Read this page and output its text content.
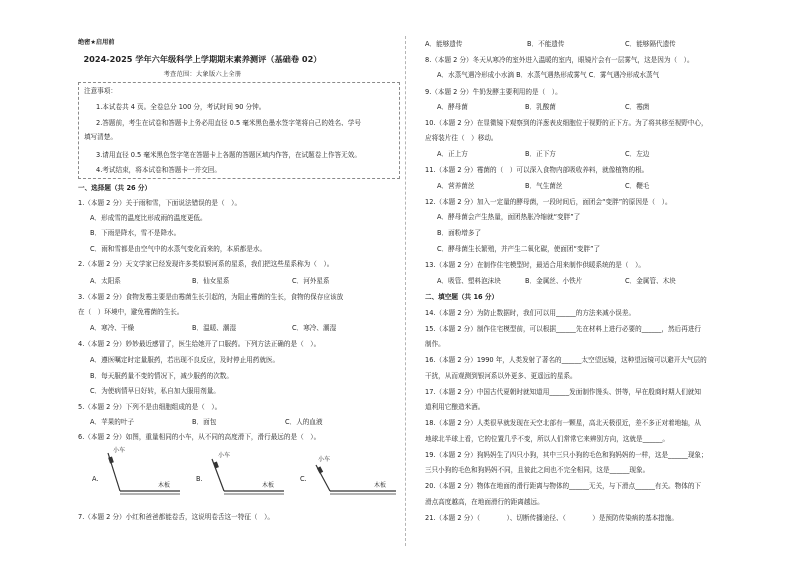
绝密★启用前
2024-2025 学年六年级科学上学期期末素养测评（基础卷 02）
考查范围：大象版六上全册
注意事项：
1.本试卷共 4 页。全卷总分 100 分，考试时间 90 分钟。
2.答题前，考生在试卷和答题卡上务必用直径 0.5 毫米黑色墨水签字笔将自己的姓名、学号
填写清楚。
3.请用直径 0.5 毫米黑色签字笔在答题卡上各题的答题区域内作答，在试题卷上作答无效。
4.考试结束，将本试卷和答题卡一并交回。
一、选择题（共 26 分）
1.（本题 2 分）关于雨和雪，下面说法错误的是（　）。
A．形成雪的温度比形成雨的温度更低。
B．下雨是降水，雪不是降水。
C．雨和雪都是由空气中的水蒸气变化而来的，本质都是水。
2.（本题 2 分）天文学家已经发现许多类似银河系的星系，我们把这些星系称为（　）。
A．太阳系	B．仙女星系	C．河外星系
3.（本题 2 分）食物发霉主要是由霉菌生长引起的，为阻止霉菌的生长，食物的保存应该放
在（　）环境中，避免霉菌的生长。
A．寒冷、干燥	B．温暖、潮湿	C．寒冷、潮湿
4.（本题 2 分）妙妙最近感冒了，医生给她开了口服药。下列方法正确的是（　）。
A．遵医嘱定时定量服药，若出现不良反应，及时停止用药就医。
B．每天服药量不变的情况下，减少服药的次数。
C．为使病情早日好转，私自加大服用剂量。
5.（本题 2 分）下列不是由细胞组成的是（　）。
A．苹果的叶子	B．面包	C．人的血液
6.（本题 2 分）如图，重量相同的小车，从不同的高度滑下，滑行最远的是（　）。
A.
小车
木板
B.
小车
木板
C.
小车
木板
7.（本题 2 分）小红和爸爸都能卷舌，这说明卷舌这一特征（　）。
A．能够遗传	B．不能遗传	C．能够隔代遗传
8.（本题 2 分）冬天从寒冷的室外进入温暖的室内，眼镜片会有一层雾气，这是因为（　）。
A．水蒸气遇冷形成小水滴 B．水蒸气遇热形成雾气 C．雾气遇冷形成水蒸气
9.（本题 2 分）牛奶发酵主要利用的是（　）。
A．酵母菌	B．乳酸菌	C．霉菌
10.（本题 2 分）在显微镜下观察到的洋葱表皮细胞位于视野的正下方。为了将其移至视野中心，
应将装片往（　）移动。
A．正上方	B．正下方	C．左边
11.（本题 2 分）霉菌的（　）可以深入食物内部吸收养料，就像植物的根。
A．营养菌丝	B．气生菌丝	C．鞭毛
12.（本题 2 分）加入一定量的酵母菌，一段时间后，面团会“变胖”的原因是（　）。
A．酵母菌会产生热量，面团热胀冷缩就“变胖”了
B．面粉增多了
C．酵母菌生长繁殖，并产生二氧化碳，使面团“变胖”了
13.（本题 2 分）在制作住宅模型时，最适合用来制作供暖系统的是（　）。
A．吸管、塑料泡沫块	B．金属丝、小铁片	C．金属管、木块
二、填空题（共 16 分）
14.（本题 2 分）为防止数据时，我们可以用______的方法来减小误差。
15.（本题 2 分）制作住宅模型前，可以根据______先在材料上进行必要的______，然后再进行
制作。
16.（本题 2 分）1990 年，人类发射了著名的______太空望远镜，这种望远镜可以避开大气层的
干扰，从而观测到银河系以外更多、更遥远的星系。
17.（本题 2 分）中国古代夏朝时就知道用______发面制作馒头、饼等，早在殷商时期人们就知
道利用它酿造米酒。
18.（本题 2 分）人类很早就发现在天空北部有一颗星，高北天极很近，差不多正对着地轴，从
地球北半球上看，它的位置几乎不变，所以人们常常它来辨别方向，这就是______。
19.（本题 2 分）狗妈妈生了四只小狗，其中三只小狗的毛色和狗妈妈的一样，这是______现象；
三只小狗的毛色和狗妈妈不同，且彼此之间也不完全相同，这是______现象。
20.（本题 2 分）物体在地面的滑行距离与物体的______无关，与下滑点______有关。物体的下
滑点高度越高，在地面滑行的距离越远。
21.（本题 2 分）（　　　　）、切断传播途径、（　　　　）是预防传染病的基本措施。
